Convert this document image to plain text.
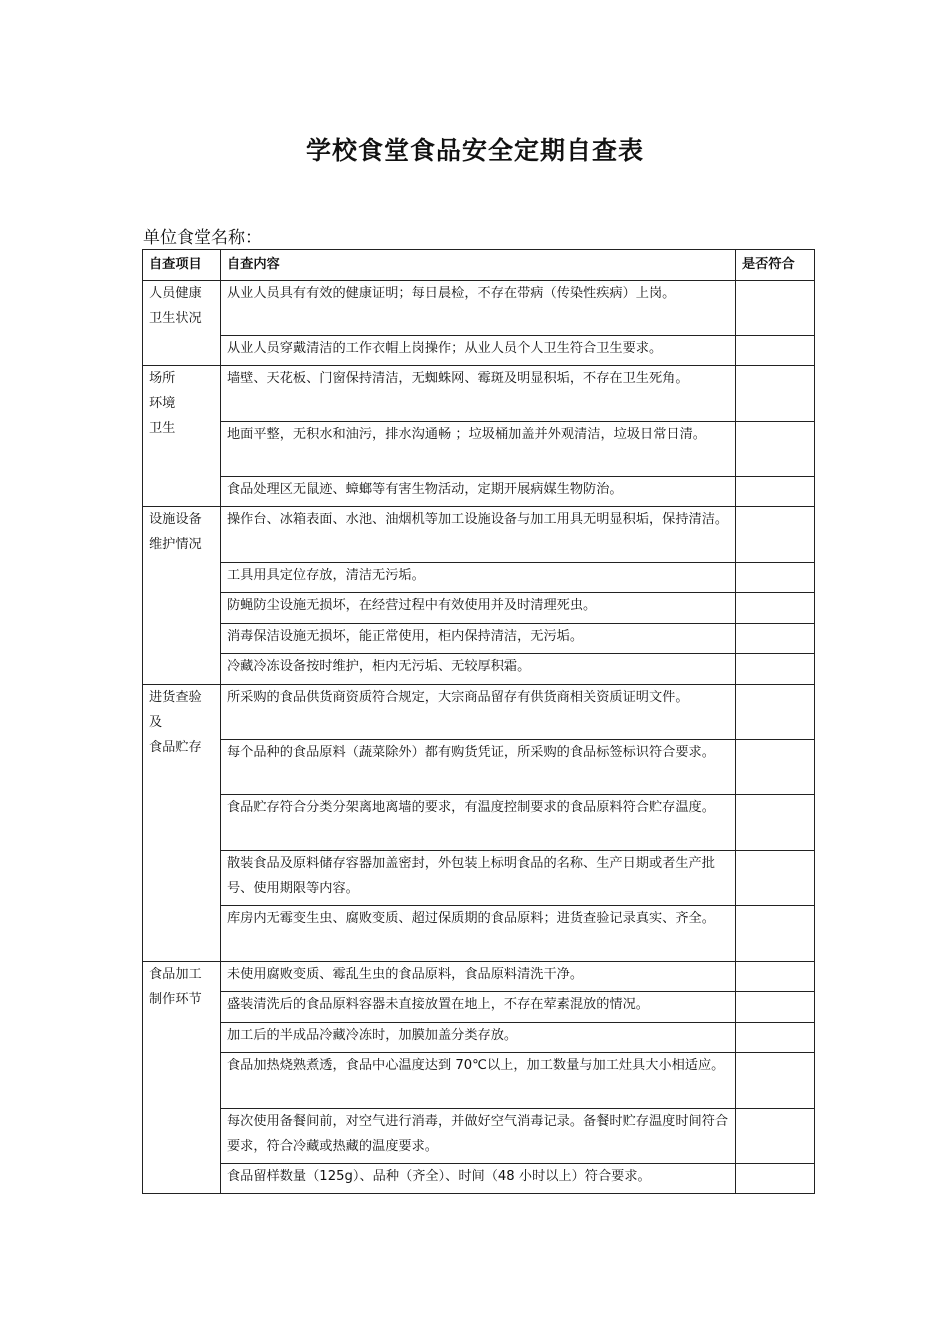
学校食堂食品安全定期自查表
单位食堂名称：
自查项目	自查内容	是否符合

人员健康
卫生状况	从业人员具有有效的健康证明；每日晨检，不存在带病（传染性疾病）上岗。	
	从业人员穿戴清洁的工作衣帽上岗操作；从业人员个人卫生符合卫生要求。	

场所
环境
卫生	墙壁、天花板、门窗保持清洁，无蜘蛛网、霉斑及明显积垢，不存在卫生死角。	
	地面平整，无积水和油污，排水沟通畅 ；垃圾桶加盖并外观清洁，垃圾日常日清。	
	食品处理区无鼠迹、蟑螂等有害生物活动，定期开展病媒生物防治。	

设施设备
维护情况	操作台、冰箱表面、水池、油烟机等加工设施设备与加工用具无明显积垢，保持清洁。	
	工具用具定位存放，清洁无污垢。	
	防蝇防尘设施无损坏，在经营过程中有效使用并及时清理死虫。	
	消毒保洁设施无损坏，能正常使用，柜内保持清洁，无污垢。	
	冷藏冷冻设备按时维护，柜内无污垢、无较厚积霜。	

进货查验
及
食品贮存	所采购的食品供货商资质符合规定，大宗商品留存有供货商相关资质证明文件。	
	每个品种的食品原料（蔬菜除外）都有购货凭证，所采购的食品标签标识符合要求。	
	食品贮存符合分类分架离地离墙的要求，有温度控制要求的食品原料符合贮存温度。	
	散装食品及原料储存容器加盖密封，外包装上标明食品的名称、生产日期或者生产批号、使用期限等内容。	
	库房内无霉变生虫、腐败变质、超过保质期的食品原料；进货查验记录真实、齐全。	

食品加工
制作环节	未使用腐败变质、霉乱生虫的食品原料，食品原料清洗干净。	
	盛装清洗后的食品原料容器未直接放置在地上，不存在荤素混放的情况。	
	加工后的半成品冷藏冷冻时，加膜加盖分类存放。	
	食品加热烧熟煮透，食品中心温度达到 70℃以上，加工数量与加工灶具大小相适应。	
	每次使用备餐间前，对空气进行消毒，并做好空气消毒记录。备餐时贮存温度时间符合要求，符合冷藏或热藏的温度要求。	
	食品留样数量（125g）、品种（齐全）、时间（48 小时以上）符合要求。	
